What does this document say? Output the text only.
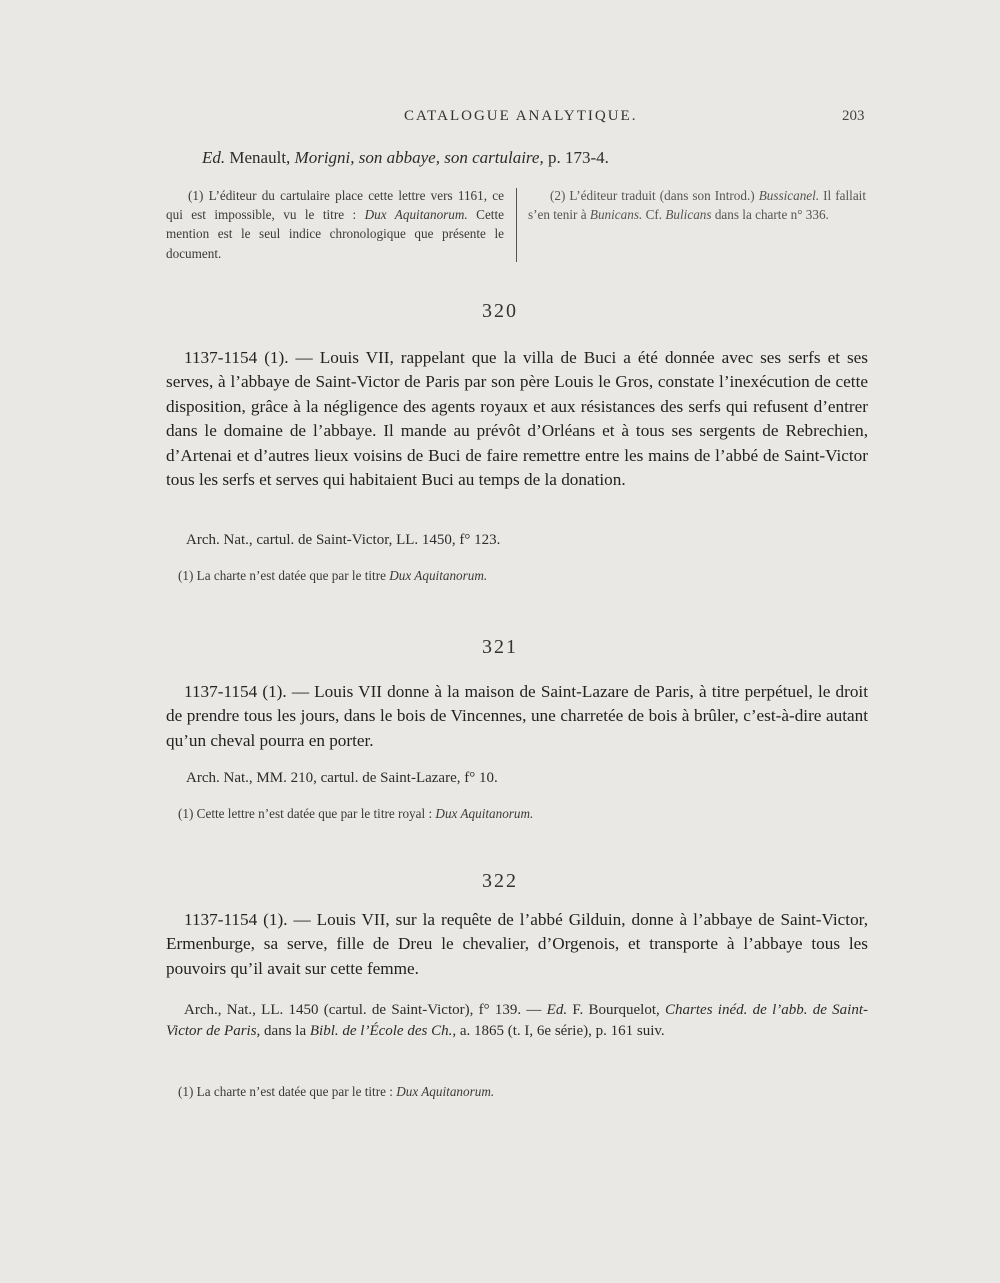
CATALOGUE ANALYTIQUE.	203
Ed. Menault, Morigni, son abbaye, son cartulaire, p. 173-4.
(1) L’éditeur du cartulaire place cette lettre vers 1161, ce qui est impossible, vu le titre : Dux Aquitanorum. Cette mention est le seul indice chronologique que présente le document.
(2) L’éditeur traduit (dans son Introd.) Bussicanel. Il fallait s’en tenir à Bunicans. Cf. Bulicans dans la charte n° 336.
320
1137-1154 (1). — Louis VII, rappelant que la villa de Buci a été donnée avec ses serfs et ses serves, à l’abbaye de Saint-Victor de Paris par son père Louis le Gros, constate l’inexécution de cette disposition, grâce à la négligence des agents royaux et aux résistances des serfs qui refusent d’entrer dans le domaine de l’abbaye. Il mande au prévôt d’Orléans et à tous ses sergents de Rebrechien, d’Artenai et d’autres lieux voisins de Buci de faire remettre entre les mains de l’abbé de Saint-Victor tous les serfs et serves qui habitaient Buci au temps de la donation.
Arch. Nat., cartul. de Saint-Victor, LL. 1450, f° 123.
(1) La charte n’est datée que par le titre Dux Aquitanorum.
321
1137-1154 (1). — Louis VII donne à la maison de Saint-Lazare de Paris, à titre perpétuel, le droit de prendre tous les jours, dans le bois de Vincennes, une charretée de bois à brûler, c’est-à-dire autant qu’un cheval pourra en porter.
Arch. Nat., MM. 210, cartul. de Saint-Lazare, f° 10.
(1) Cette lettre n’est datée que par le titre royal : Dux Aquitanorum.
322
1137-1154 (1). — Louis VII, sur la requête de l’abbé Gilduin, donne à l’abbaye de Saint-Victor, Ermenburge, sa serve, fille de Dreu le chevalier, d’Orgenois, et transporte à l’abbaye tous les pouvoirs qu’il avait sur cette femme.
Arch., Nat., LL. 1450 (cartul. de Saint-Victor), f° 139. — Ed. F. Bourquelot, Chartes inéd. de l’abb. de Saint-Victor de Paris, dans la Bibl. de l’École des Ch., a. 1865 (t. I, 6e série), p. 161 suiv.
(1) La charte n’est datée que par le titre : Dux Aquitanorum.
